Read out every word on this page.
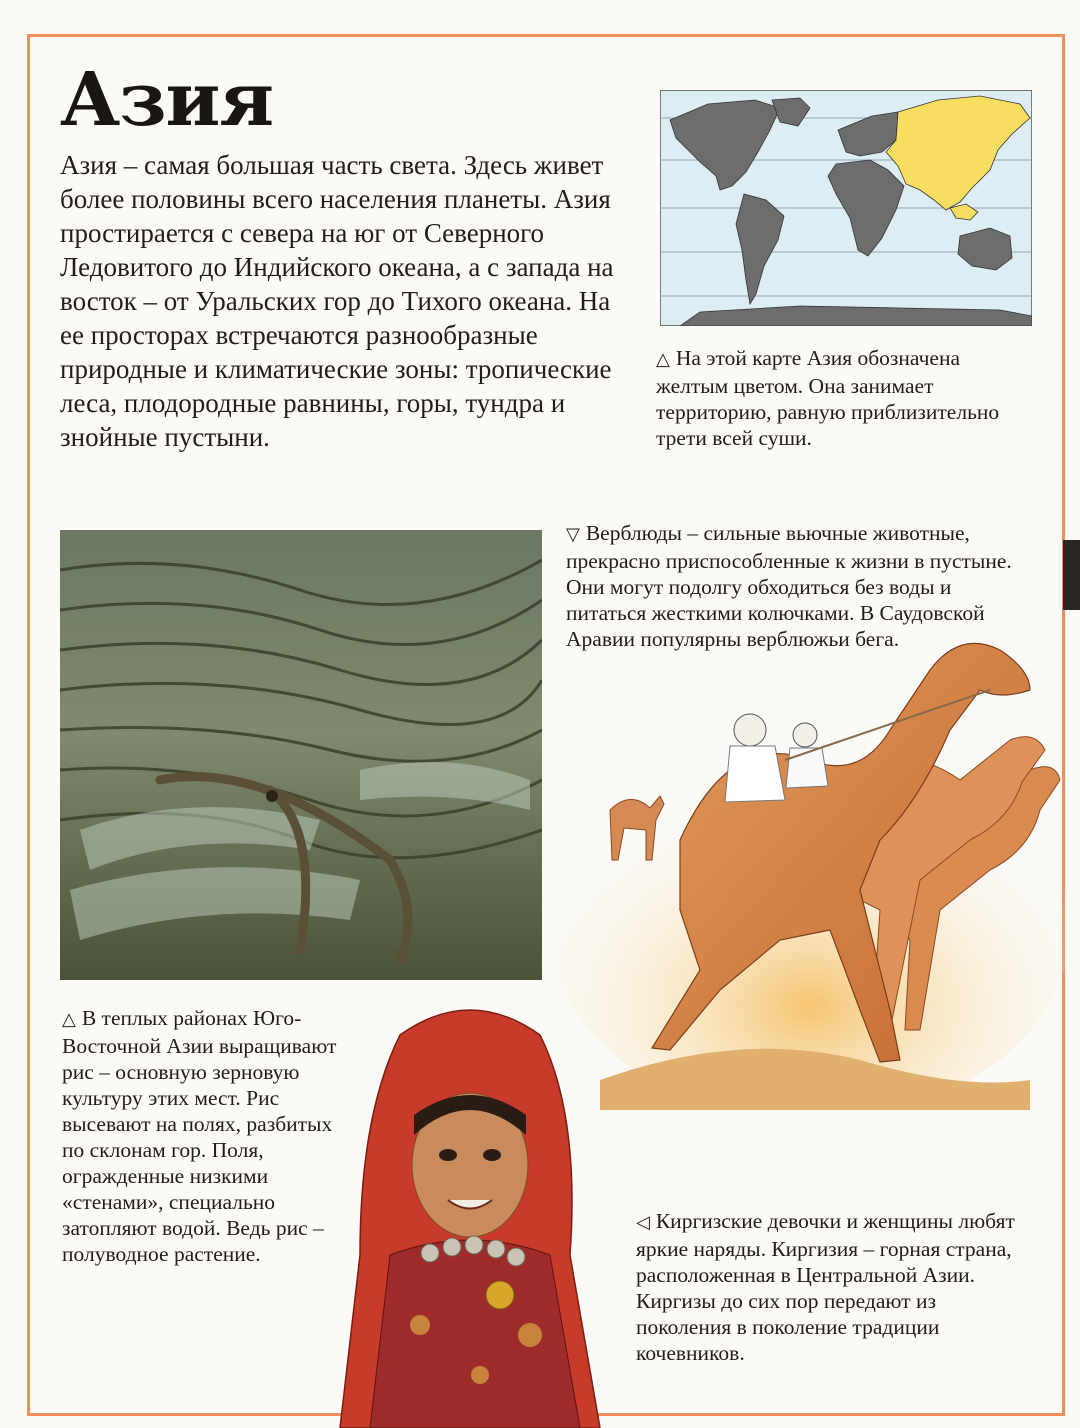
Азия

Азия – самая большая часть света. Здесь живет более половины всего населения планеты. Азия простирается с севера на юг от Северного Ледовитого до Индийского океана, а с запада на восток – от Уральских гор до Тихого океана. На ее просторах встречаются разнообразные природные и климатические зоны: тропические леса, плодородные равнины, горы, тундра и знойные пустыни.

△ На этой карте Азия обозначена желтым цветом. Она занимает территорию, равную приблизительно трети всей суши.

▽ Верблюды – сильные вьючные животные, прекрасно приспособленные к жизни в пустыне. Они могут подолгу обходиться без воды и питаться жесткими колючками. В Саудовской Аравии популярны верблюжьи бега.

△ В теплых районах Юго-Восточной Азии выращивают рис – основную зерновую культуру этих мест. Рис высевают на полях, разбитых по склонам гор. Поля, огражденные низкими «стенами», специально затопляют водой. Ведь рис – полуводное растение.

◁ Киргизские девочки и женщины любят яркие наряды. Киргизия – горная страна, расположенная в Центральной Азии. Киргизы до сих пор передают из поколения в поколение традиции кочевников.
